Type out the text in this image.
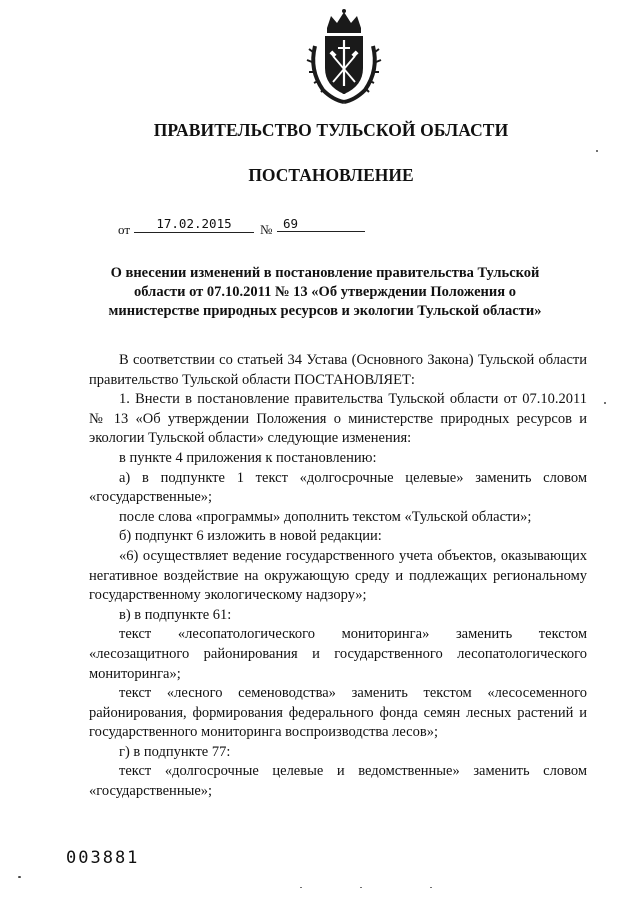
ПРАВИТЕЛЬСТВО ТУЛЬСКОЙ ОБЛАСТИ
ПОСТАНОВЛЕНИЕ
от	17.02.2015	№ 69
О внесении изменений в постановление правительства Тульской области от 07.10.2011 № 13 «Об утверждении Положения о министерстве природных ресурсов и экологии Тульской области»

В соответствии со статьей 34 Устава (Основного Закона) Тульской области правительство Тульской области ПОСТАНОВЛЯЕТ:

1. Внести в постановление правительства Тульской области от 07.10.2011 № 13 «Об утверждении Положения о министерстве природных ресурсов и экологии Тульской области» следующие изменения:

в пункте 4 приложения к постановлению:

а) в подпункте 1 текст «долгосрочные целевые» заменить словом «государственные»;

после слова «программы» дополнить текстом «Тульской области»;

б) подпункт 6 изложить в новой редакции:

«6) осуществляет ведение государственного учета объектов, оказывающих негативное воздействие на окружающую среду и подлежащих региональному государственному экологическому надзору»;

в) в подпункте 61:

текст «лесопатологического мониторинга» заменить текстом «лесозащитного районирования и государственного лесопатологического мониторинга»;

текст «лесного семеноводства» заменить текстом «лесосеменного районирования, формирования федерального фонда семян лесных растений и государственного мониторинга воспроизводства лесов»;

г) в подпункте 77:

текст «долгосрочные целевые и ведомственные» заменить словом «государственные»;

003881
